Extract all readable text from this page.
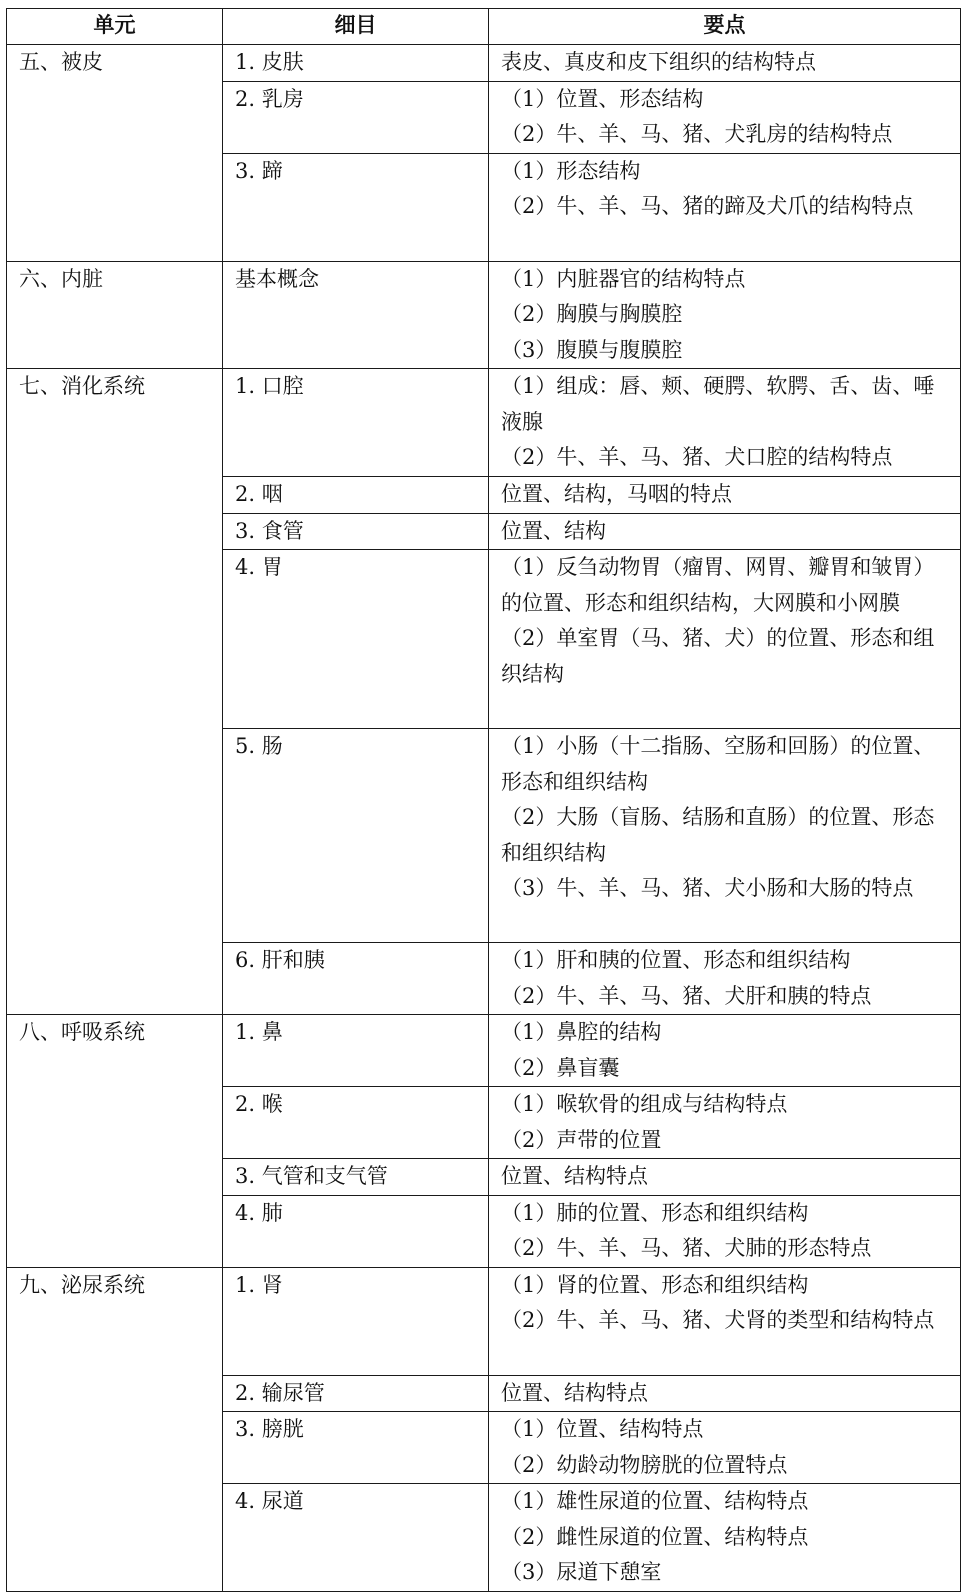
单元	细目	要点

五、被皮	1. 皮肤	表皮、真皮和皮下组织的结构特点

	2. 乳房	（1）位置、形态结构
（2）牛、羊、马、猪、犬乳房的结构特点

	3. 蹄	（1）形态结构
（2）牛、羊、马、猪的蹄及犬爪的结构特点

六、内脏	基本概念	（1）内脏器官的结构特点
（2）胸膜与胸膜腔
（3）腹膜与腹膜腔

七、消化系统	1. 口腔	（1）组成：唇、颊、硬腭、软腭、舌、齿、唾液腺
（2）牛、羊、马、猪、犬口腔的结构特点

	2. 咽	位置、结构，马咽的特点

	3. 食管	位置、结构

	4. 胃	（1）反刍动物胃（瘤胃、网胃、瓣胃和皱胃）的位置、形态和组织结构，大网膜和小网膜
（2）单室胃（马、猪、犬）的位置、形态和组织结构

	5. 肠	（1）小肠（十二指肠、空肠和回肠）的位置、形态和组织结构
（2）大肠（盲肠、结肠和直肠）的位置、形态和组织结构
（3）牛、羊、马、猪、犬小肠和大肠的特点

	6. 肝和胰	（1）肝和胰的位置、形态和组织结构
（2）牛、羊、马、猪、犬肝和胰的特点

八、呼吸系统	1. 鼻	（1）鼻腔的结构
（2）鼻盲囊

	2. 喉	（1）喉软骨的组成与结构特点
（2）声带的位置

	3. 气管和支气管	位置、结构特点

	4. 肺	（1）肺的位置、形态和组织结构
（2）牛、羊、马、猪、犬肺的形态特点

九、泌尿系统	1. 肾	（1）肾的位置、形态和组织结构
（2）牛、羊、马、猪、犬肾的类型和结构特点

	2. 输尿管	位置、结构特点

	3. 膀胱	（1）位置、结构特点
（2）幼龄动物膀胱的位置特点

	4. 尿道	（1）雄性尿道的位置、结构特点
（2）雌性尿道的位置、结构特点
（3）尿道下憩室
